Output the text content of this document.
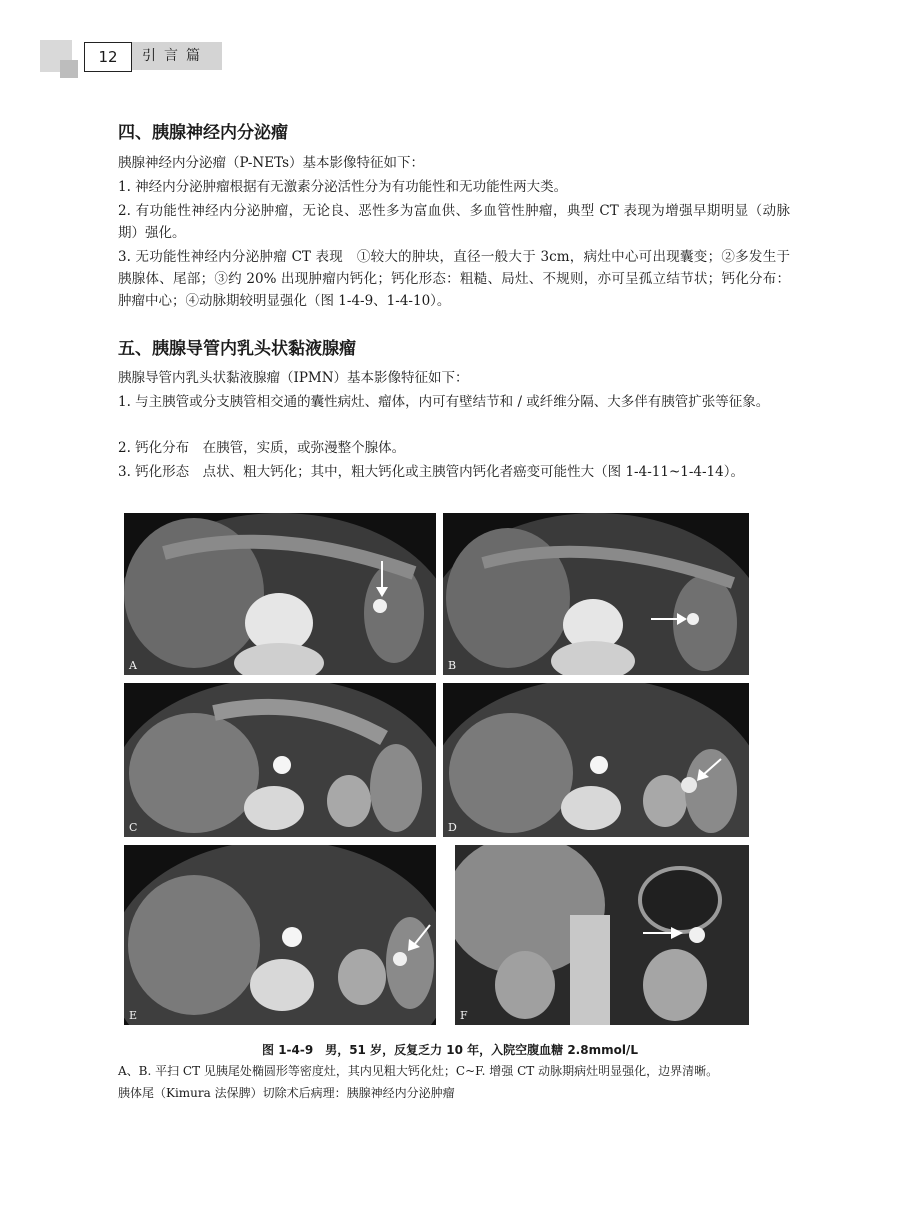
12	引言篇
四、胰腺神经内分泌瘤
胰腺神经内分泌瘤（P-NETs）基本影像特征如下：
1. 神经内分泌肿瘤根据有无激素分泌活性分为有功能性和无功能性两大类。
2. 有功能性神经内分泌肿瘤，无论良、恶性多为富血供、多血管性肿瘤，典型 CT 表现为增强早期明显（动脉期）强化。
3. 无功能性神经内分泌肿瘤 CT 表现　①较大的肿块，直径一般大于 3cm，病灶中心可出现囊变；②多发生于胰腺体、尾部；③约 20% 出现肿瘤内钙化；钙化形态：粗糙、局灶、不规则，亦可呈孤立结节状；钙化分布：肿瘤中心；④动脉期较明显强化（图 1-4-9、1-4-10）。
五、胰腺导管内乳头状黏液腺瘤
胰腺导管内乳头状黏液腺瘤（IPMN）基本影像特征如下：
1. 与主胰管或分支胰管相交通的囊性病灶、瘤体，内可有壁结节和 / 或纤维分隔、大多伴有胰管扩张等征象。
2. 钙化分布　在胰管，实质，或弥漫整个腺体。
3. 钙化形态　点状、粗大钙化；其中，粗大钙化或主胰管内钙化者癌变可能性大（图 1-4-11~1-4-14）。
A	B
C	D
E	F
图 1-4-9　男，51 岁，反复乏力 10 年，入院空腹血糖 2.8mmol/L
A、B. 平扫 CT 见胰尾处椭圆形等密度灶，其内见粗大钙化灶；C~F. 增强 CT 动脉期病灶明显强化，边界清晰。
胰体尾（Kimura 法保脾）切除术后病理：胰腺神经内分泌肿瘤
